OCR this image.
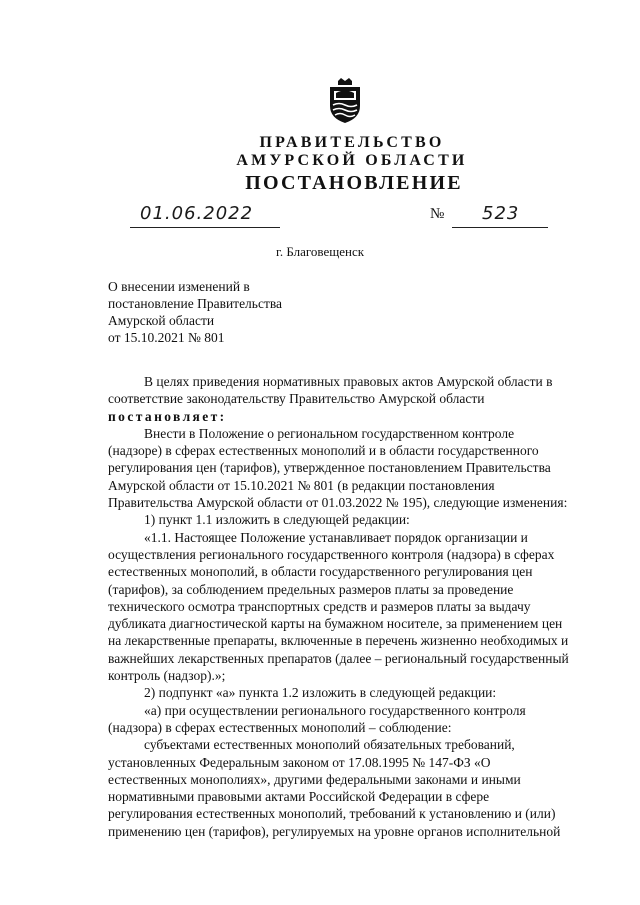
ПРАВИТЕЛЬСТВО
АМУРСКОЙ ОБЛАСТИ
ПОСТАНОВЛЕНИЕ
01.06.2022	№ 523
г. Благовещенск
О внесении изменений в
постановление Правительства
Амурской области
от 15.10.2021 № 801
В целях приведения нормативных правовых актов Амурской области в
соответствие законодательству Правительство Амурской области
постановляет:
Внести в Положение о региональном государственном контроле
(надзоре) в сферах естественных монополий и в области государственного
регулирования цен (тарифов), утвержденное постановлением Правительства
Амурской области от 15.10.2021 № 801 (в редакции постановления
Правительства Амурской области от 01.03.2022 № 195), следующие изменения:
1) пункт 1.1 изложить в следующей редакции:
«1.1. Настоящее Положение устанавливает порядок организации и
осуществления регионального государственного контроля (надзора) в сферах
естественных монополий, в области государственного регулирования цен
(тарифов), за соблюдением предельных размеров платы за проведение
технического осмотра транспортных средств и размеров платы за выдачу
дубликата диагностической карты на бумажном носителе, за применением цен
на лекарственные препараты, включенные в перечень жизненно необходимых и
важнейших лекарственных препаратов (далее – региональный государственный
контроль (надзор).»;
2) подпункт «а» пункта 1.2 изложить в следующей редакции:
«а) при осуществлении регионального государственного контроля
(надзора) в сферах естественных монополий – соблюдение:
субъектами естественных монополий обязательных требований,
установленных Федеральным законом от 17.08.1995 № 147-ФЗ «О
естественных монополиях», другими федеральными законами и иными
нормативными правовыми актами Российской Федерации в сфере
регулирования естественных монополий, требований к установлению и (или)
применению цен (тарифов), регулируемых на уровне органов исполнительной
